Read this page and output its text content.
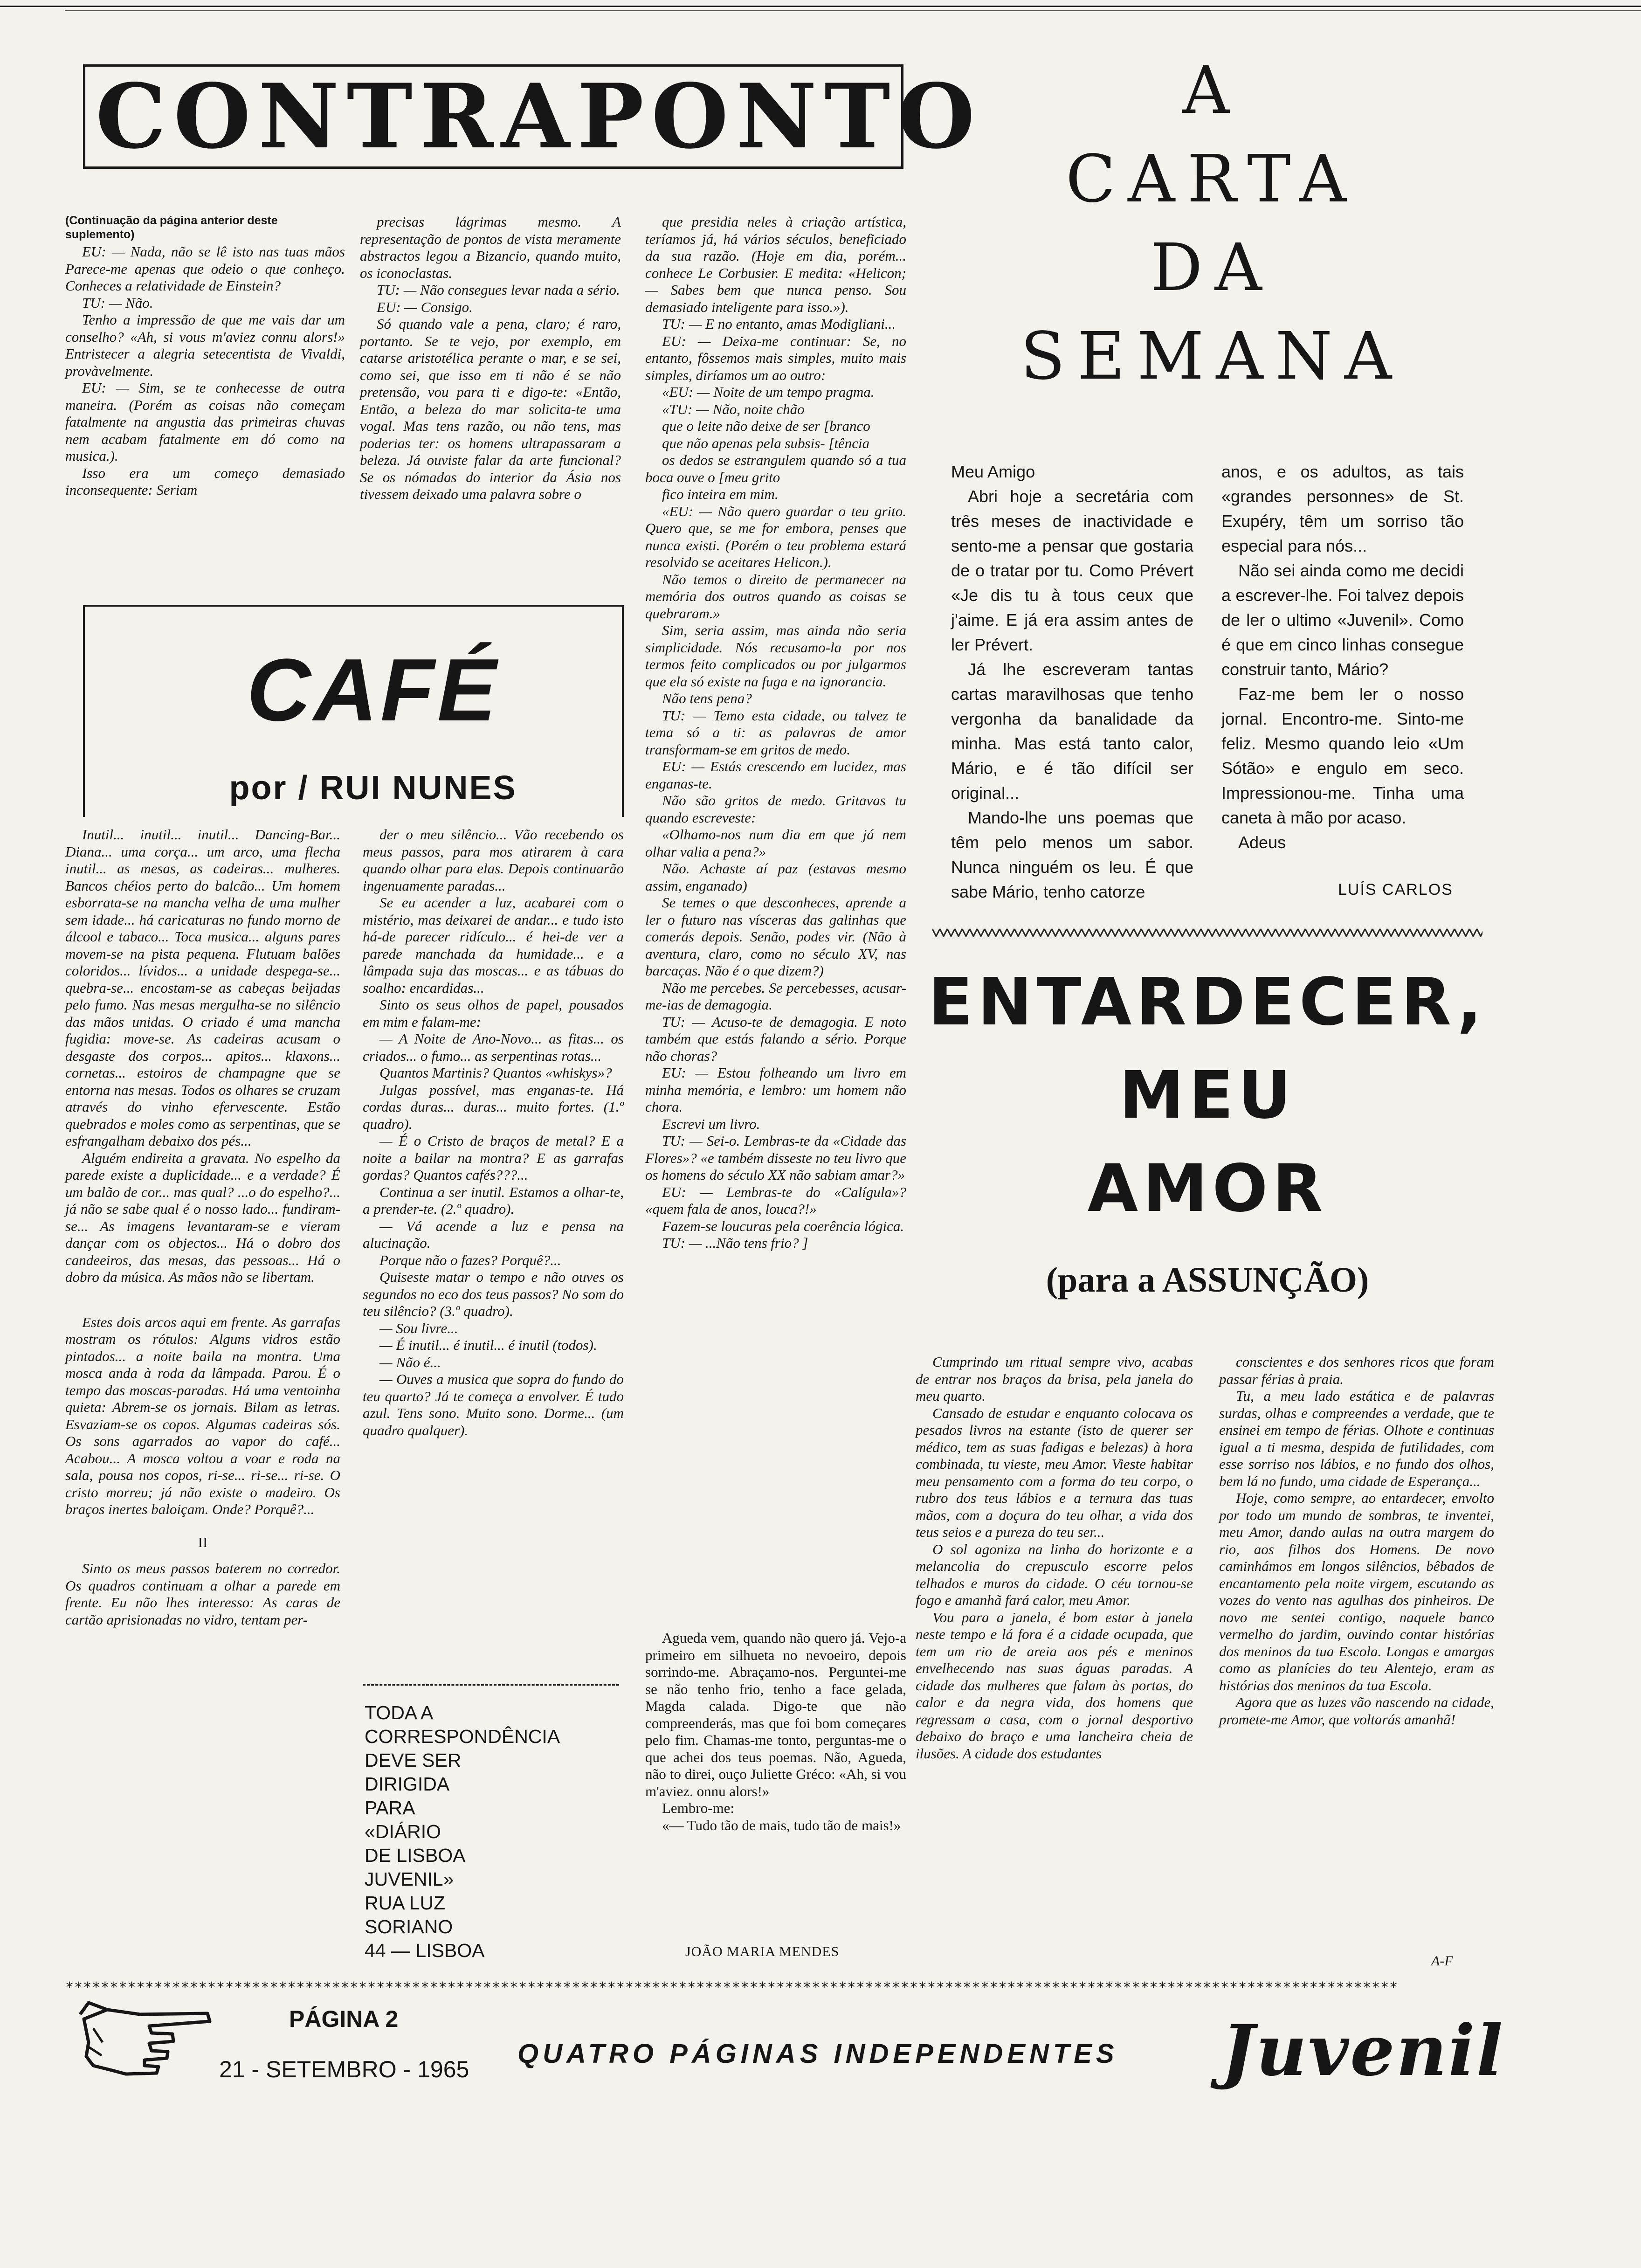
CONTRAPONTO
(Continuação da página anterior deste suplemento)

EU: — Nada, não se lê isto nas tuas mãos Parece-me apenas que odeio o que conheço. Conheces a relatividade de Einstein?

TU: — Não.

Tenho a impressão de que me vais dar um conselho? «Ah, si vous m'aviez connu alors!» Entristecer a alegria setecentista de Vivaldi, provàvelmente.

EU: — Sim, se te conhecesse de outra maneira. (Porém as coisas não começam fatalmente na angustia das primeiras chuvas nem acabam fatalmente em dó como na musica.).

Isso era um começo demasiado inconsequente: Seriam

precisas lágrimas mesmo. A representação de pontos de vista meramente abstractos legou a Bizancio, quando muito, os iconoclastas.

TU: — Não consegues levar nada a sério.

EU: — Consigo.

Só quando vale a pena, claro; é raro, portanto. Se te vejo, por exemplo, em catarse aristotélica perante o mar, e se sei, como sei, que isso em ti não é se não pretensão, vou para ti e digo-te: «Então, Então, a beleza do mar solicita-te uma vogal. Mas tens razão, ou não tens, mas poderias ter: os homens ultrapassaram a beleza. Já ouviste falar da arte funcional? Se os nómadas do interior da Ásia nos tivessem deixado uma palavra sobre o

que presidia neles à criação artística, teríamos já, há vários séculos, beneficiado da sua razão. (Hoje em dia, porém... conhece Le Corbusier. E medita: «Helicon; — Sabes bem que nunca penso. Sou demasiado inteligente para isso.»).

TU: — E no entanto, amas Modigliani...

EU: — Deixa-me continuar: Se, no entanto, fôssemos mais simples, muito mais simples, diríamos um ao outro:

«EU: — Noite de um tempo pragma.

«TU: — Não, noite chão

que o leite não deixe de ser [branco

que não apenas pela subsis- [tência

os dedos se estrangulem quando só a tua boca ouve o [meu grito

fico inteira em mim.

«EU: — Não quero guardar o teu grito. Quero que, se me for embora, penses que nunca existi. (Porém o teu problema estará resolvido se aceitares Helicon.).

Não temos o direito de permanecer na memória dos outros quando as coisas se quebraram.»

Sim, seria assim, mas ainda não seria simplicidade. Nós recusamo-la por nos termos feito complicados ou por julgarmos que ela só existe na fuga e na ignorancia.

Não tens pena?

TU: — Temo esta cidade, ou talvez te tema só a ti: as palavras de amor transformam-se em gritos de medo.

EU: — Estás crescendo em lucidez, mas enganas-te.

Não são gritos de medo. Gritavas tu quando escreveste:

«Olhamo-nos num dia em que já nem olhar valia a pena?»

Não. Achaste aí paz (estavas mesmo assim, enganado)

Se temes o que desconheces, aprende a ler o futuro nas vísceras das galinhas que comerás depois. Senão, podes vir. (Não à aventura, claro, como no século XV, nas barcaças. Não é o que dizem?)

Não me percebes. Se percebesses, acusar-me-ias de demagogia.

TU: — Acuso-te de demagogia. E noto também que estás falando a sério. Porque não choras?

EU: — Estou folheando um livro em minha memória, e lembro: um homem não chora.

Escrevi um livro.

TU: — Sei-o. Lembras-te da «Cidade das Flores»? «e também disseste no teu livro que os homens do século XX não sabiam amar?»

EU: — Lembras-te do «Calígula»? «quem fala de anos, louca?!»

Fazem-se loucuras pela coerência lógica.

TU: — ...Não tens frio? ]

Agueda vem, quando não quero já. Vejo-a primeiro em silhueta no nevoeiro, depois sorrindo-me. Abraçamo-nos. Perguntei-me se não tenho frio, tenho a face gelada, Magda calada. Digo-te que não compreenderás, mas que foi bom começares pelo fim. Chamas-me tonto, perguntas-me o que achei dos teus poemas. Não, Agueda, não to direi, ouço Juliette Gréco: «Ah, si vou m'aviez. onnu alors!»

Lembro-me:

«— Tudo tão de mais, tudo tão de mais!»

JOÃO MARIA MENDES
CAFÉ
por / RUI NUNES

Inutil... inutil... inutil... Dancing-Bar... Diana... uma corça... um arco, uma flecha inutil... as mesas, as cadeiras... mulheres. Bancos chéios perto do balcão... Um homem esborrata-se na mancha velha de uma mulher sem idade... há caricaturas no fundo morno de álcool e tabaco... Toca musica... alguns pares movem-se na pista pequena. Flutuam balões coloridos... lívidos... a unidade despega-se... quebra-se... encostam-se as cabeças beijadas pelo fumo. Nas mesas mergulha-se no silêncio das mãos unidas. O criado é uma mancha fugidia: move-se. As cadeiras acusam o desgaste dos corpos... apitos... klaxons... cornetas... estoiros de champagne que se entorna nas mesas. Todos os olhares se cruzam através do vinho efervescente. Estão quebrados e moles como as serpentinas, que se esfrangalham debaixo dos pés...

Alguém endireita a gravata. No espelho da parede existe a duplicidade... e a verdade? É um balão de cor... mas qual? ...o do espelho?... já não se sabe qual é o nosso lado... fundiram-se... As imagens levantaram-se e vieram dançar com os objectos... Há o dobro dos candeeiros, das mesas, das pessoas... Há o dobro da música. As mãos não se libertam.

Estes dois arcos aqui em frente. As garrafas mostram os rótulos: Alguns vidros estão pintados... a noite baila na montra. Uma mosca anda à roda da lâmpada. Parou. É o tempo das moscas-paradas. Há uma ventoinha quieta: Abrem-se os jornais. Bilam as letras. Esvaziam-se os copos. Algumas cadeiras sós. Os sons agarrados ao vapor do café... Acabou... A mosca voltou a voar e roda na sala, pousa nos copos, ri-se... ri-se... ri-se. O cristo morreu; já não existe o madeiro. Os braços inertes baloiçam. Onde? Porquê?...

II

Sinto os meus passos baterem no corredor. Os quadros continuam a olhar a parede em frente. Eu não lhes interesso: As caras de cartão aprisionadas no vidro, tentam per-

der o meu silêncio... Vão recebendo os meus passos, para mos atirarem à cara quando olhar para elas. Depois continuarão ingenuamente paradas...

Se eu acender a luz, acabarei com o mistério, mas deixarei de andar... e tudo isto há-de parecer ridículo... é hei-de ver a parede manchada da humidade... e a lâmpada suja das moscas... e as tábuas do soalho: encardidas...

Sinto os seus olhos de papel, pousados em mim e falam-me:

— A Noite de Ano-Novo... as fitas... os criados... o fumo... as serpentinas rotas...

Quantos Martinis? Quantos «whiskys»?

Julgas possível, mas enganas-te. Há cordas duras... duras... muito fortes. (1.º quadro).

— É o Cristo de braços de metal? E a noite a bailar na montra? E as garrafas gordas? Quantos cafés???...

Continua a ser inutil. Estamos a olhar-te, a prender-te. (2.º quadro).

— Vá acende a luz e pensa na alucinação.

Porque não o fazes? Porquê?...

Quiseste matar o tempo e não ouves os segundos no eco dos teus passos? No som do teu silêncio? (3.º quadro).

— Sou livre...

— É inutil... é inutil... é inutil (todos).

— Não é...

— Ouves a musica que sopra do fundo do teu quarto? Já te começa a envolver. É tudo azul. Tens sono. Muito sono. Dorme... (um quadro qualquer).

TODA A
CORRESPONDÊNCIA
DEVE SER
DIRIGIDA
PARA
«DIÁRIO
DE LISBOA
JUVENIL»
RUA LUZ
SORIANO
44 — LISBOA
A
CARTA
DA
SEMANA

Meu Amigo

Abri hoje a secretária com três meses de inactividade e sento-me a pensar que gostaria de o tratar por tu. Como Prévert «Je dis tu à tous ceux que j'aime. E já era assim antes de ler Prévert.

Já lhe escreveram tantas cartas maravilhosas que tenho vergonha da banalidade da minha. Mas está tanto calor, Mário, e é tão difícil ser original...

Mando-lhe uns poemas que têm pelo menos um sabor. Nunca ninguém os leu. É que sabe Mário, tenho catorze

anos, e os adultos, as tais «grandes personnes» de St. Exupéry, têm um sorriso tão especial para nós...

Não sei ainda como me decidi a escrever-lhe. Foi talvez depois de ler o ultimo «Juvenil». Como é que em cinco linhas consegue construir tanto, Mário?

Faz-me bem ler o nosso jornal. Encontro-me. Sinto-me feliz. Mesmo quando leio «Um Sótão» e engulo em seco. Impressionou-me. Tinha uma caneta à mão por acaso.

Adeus

LUÍS CARLOS
ENTARDECER,
MEU
AMOR
(para a ASSUNÇÃO)

Cumprindo um ritual sempre vivo, acabas de entrar nos braços da brisa, pela janela do meu quarto.

Cansado de estudar e enquanto colocava os pesados livros na estante (isto de querer ser médico, tem as suas fadigas e belezas) à hora combinada, tu vieste, meu Amor. Vieste habitar meu pensamento com a forma do teu corpo, o rubro dos teus lábios e a ternura das tuas mãos, com a doçura do teu olhar, a vida dos teus seios e a pureza do teu ser...

O sol agoniza na linha do horizonte e a melancolia do crepusculo escorre pelos telhados e muros da cidade. O céu tornou-se fogo e amanhã fará calor, meu Amor.

Vou para a janela, é bom estar à janela neste tempo e lá fora é a cidade ocupada, que tem um rio de areia aos pés e meninos envelhecendo nas suas águas paradas. A cidade das mulheres que falam às portas, do calor e da negra vida, dos homens que regressam a casa, com o jornal desportivo debaixo do braço e uma lancheira cheia de ilusões. A cidade dos estudantes

conscientes e dos senhores ricos que foram passar férias à praia.

Tu, a meu lado estática e de palavras surdas, olhas e compreendes a verdade, que te ensinei em tempo de férias. Olhote e continuas igual a ti mesma, despida de futilidades, com esse sorriso nos lábios, e no fundo dos olhos, bem lá no fundo, uma cidade de Esperança...

Hoje, como sempre, ao entardecer, envolto por todo um mundo de sombras, te inventei, meu Amor, dando aulas na outra margem do rio, aos filhos dos Homens. De novo caminhámos em longos silêncios, bêbados de encantamento pela noite virgem, escutando as vozes do vento nas agulhas dos pinheiros. De novo me sentei contigo, naquele banco vermelho do jardim, ouvindo contar histórias dos meninos da tua Escola. Longas e amargas como as planícies do teu Alentejo, eram as histórias dos meninos da tua Escola.

Agora que as luzes vão nascendo na cidade, promete-me Amor, que voltarás amanhã!

A-F
******************************************************************************************************************************************************
PÁGINA 2
21 - SETEMBRO - 1965
QUATRO PÁGINAS INDEPENDENTES	Juvenil
